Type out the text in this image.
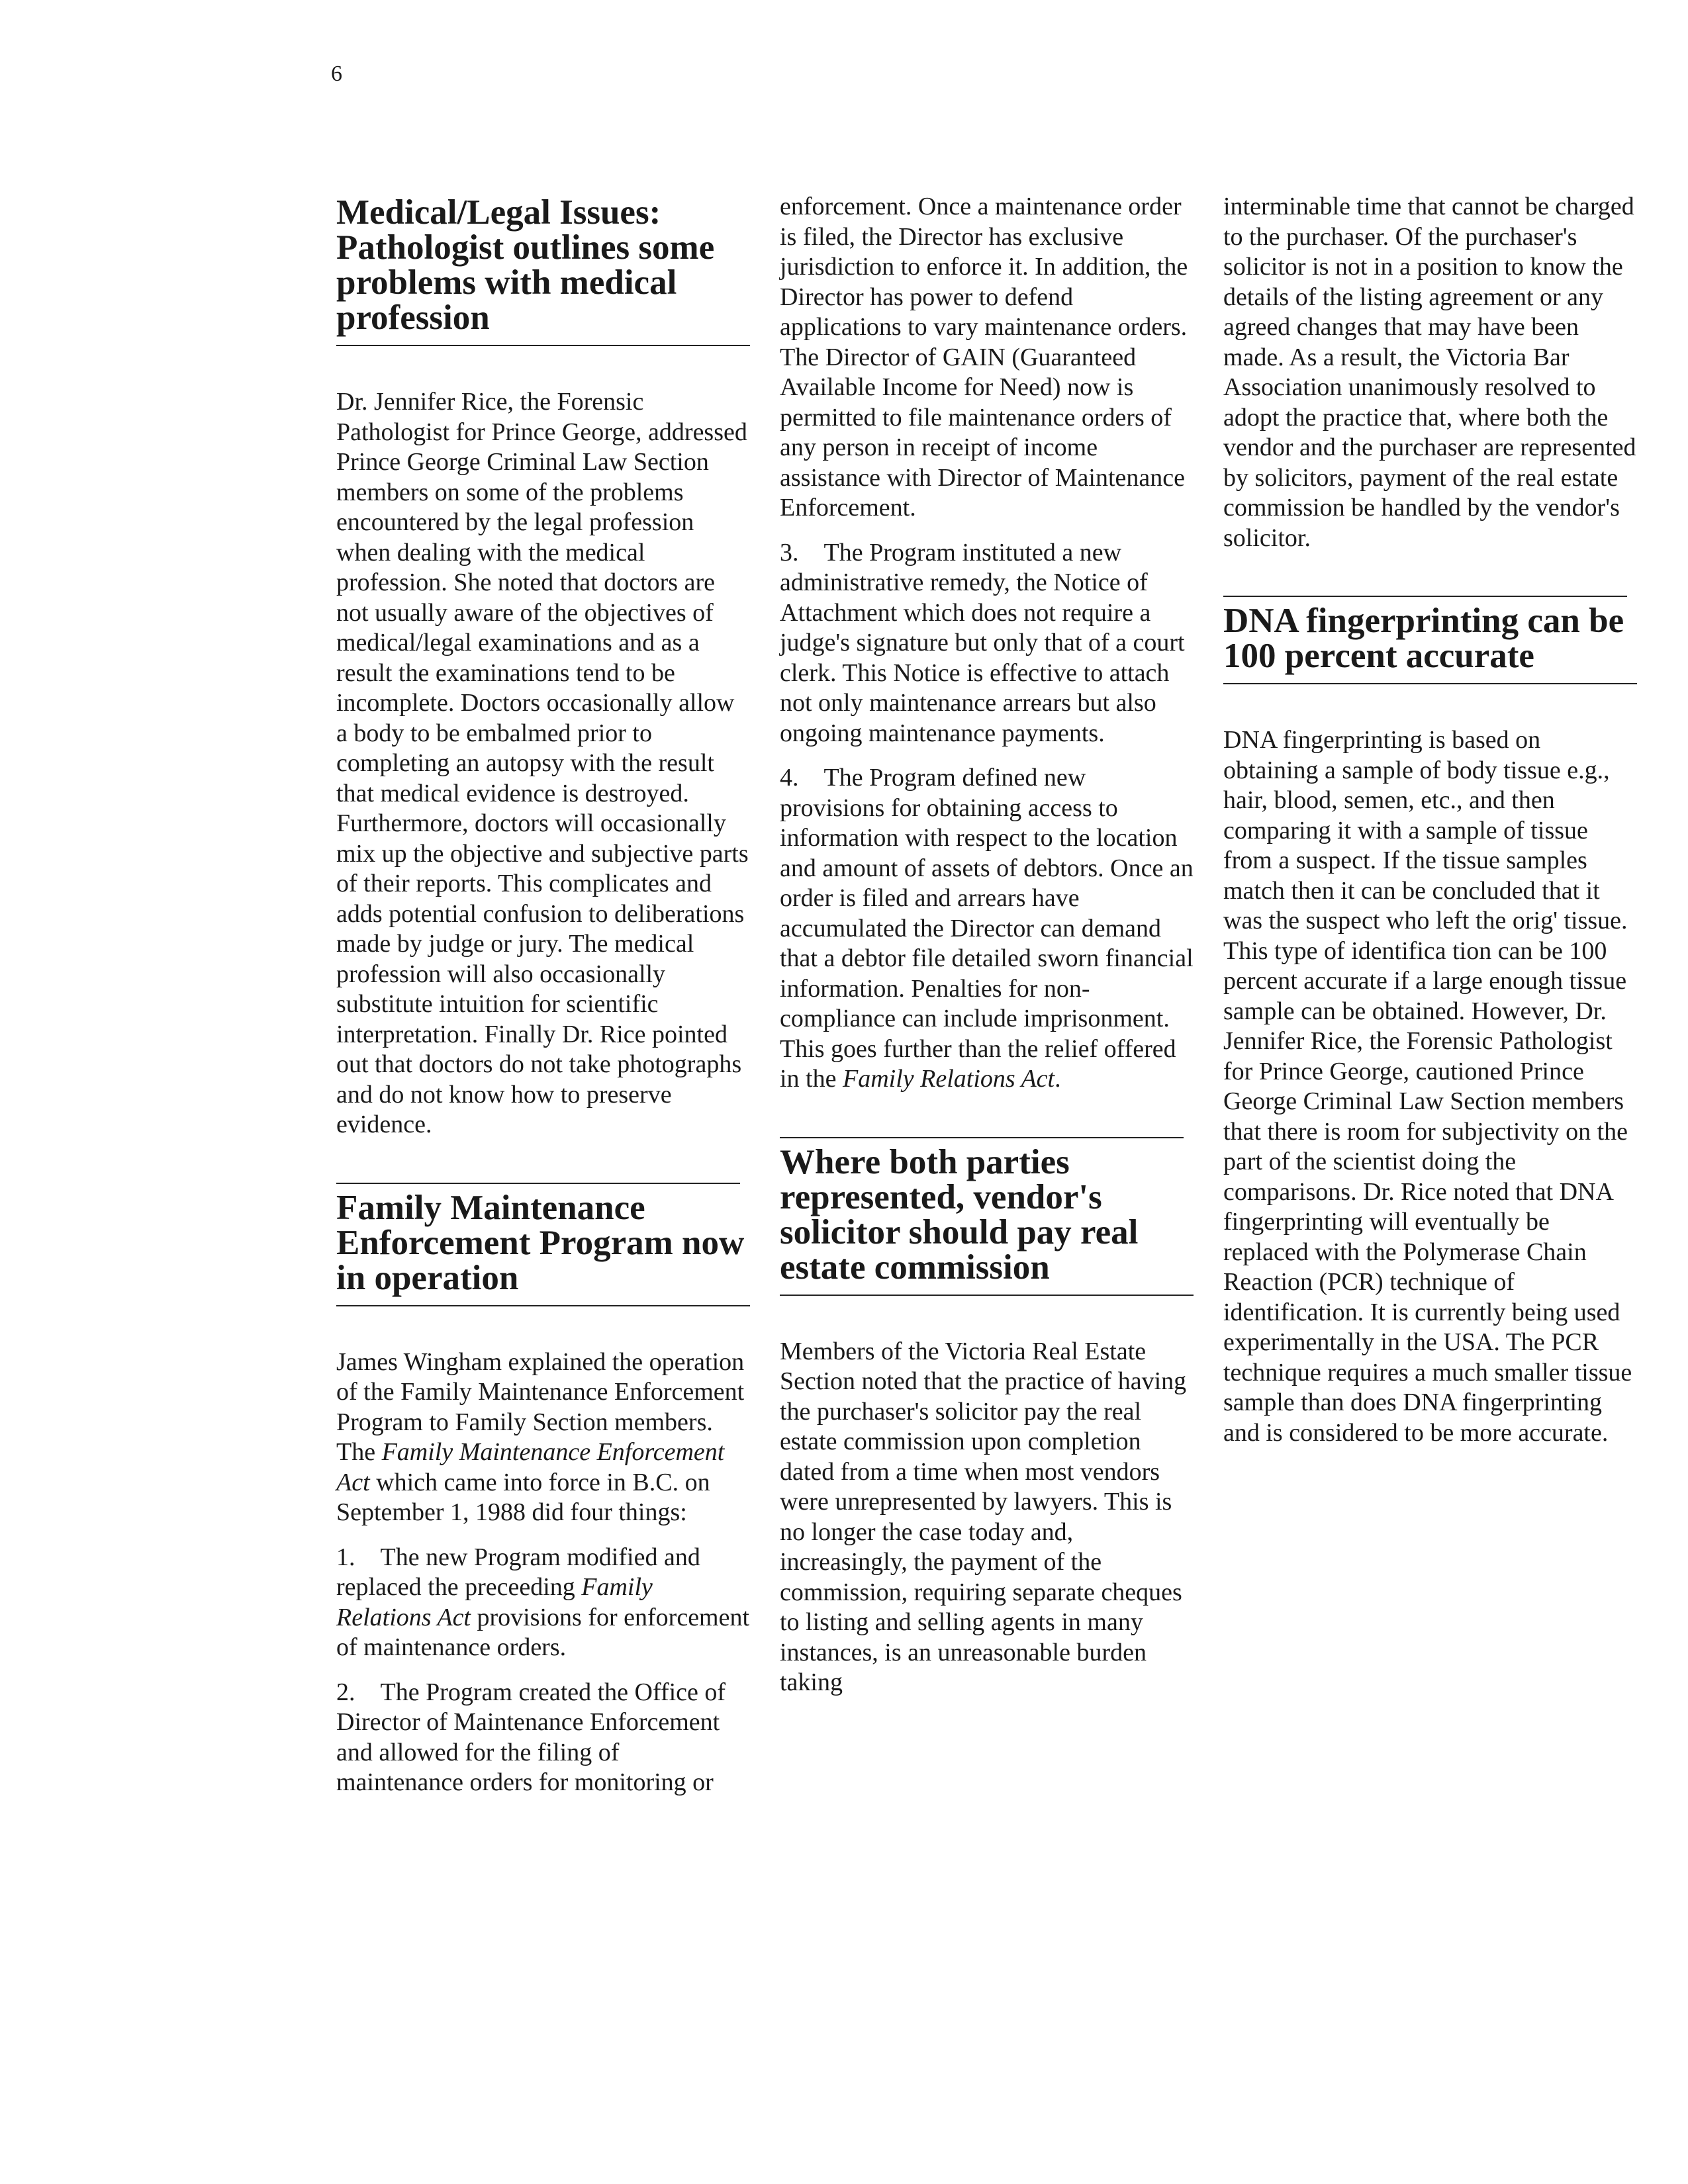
6
Medical/Legal Issues: Pathologist outlines some problems with medical profession

Dr. Jennifer Rice, the Forensic Pathologist for Prince George, addressed Prince George Criminal Law Section members on some of the problems encountered by the legal profession when dealing with the medical profession. She noted that doctors are not usually aware of the objectives of medical/legal examinations and as a result the examinations tend to be incomplete. Doctors occasionally allow a body to be embalmed prior to completing an autopsy with the result that medical evidence is destroyed. Furthermore, doctors will occasionally mix up the objective and subjective parts of their reports. This complicates and adds potential confusion to deliberations made by judge or jury. The medical profession will also occasionally substitute intuition for scientific interpretation. Finally Dr. Rice pointed out that doctors do not take photographs and do not know how to preserve evidence.

Family Maintenance Enforcement Program now in operation

James Wingham explained the operation of the Family Maintenance Enforcement Program to Family Section members. The Family Maintenance Enforcement Act which came into force in B.C. on September 1, 1988 did four things:

1. The new Program modified and replaced the preceeding Family Relations Act provisions for enforcement of maintenance orders.

2. The Program created the Office of Director of Maintenance Enforcement and allowed for the filing of maintenance orders for monitoring or

enforcement. Once a maintenance order is filed, the Director has exclusive jurisdiction to enforce it. In addition, the Director has power to defend applications to vary maintenance orders. The Director of GAIN (Guaranteed Available Income for Need) now is permitted to file maintenance orders of any person in receipt of income assistance with Director of Maintenance Enforcement.

3. The Program instituted a new administrative remedy, the Notice of Attachment which does not require a judge's signature but only that of a court clerk. This Notice is effective to attach not only maintenance arrears but also ongoing maintenance payments.

4. The Program defined new provisions for obtaining access to information with respect to the location and amount of assets of debtors. Once an order is filed and arrears have accumulated the Director can demand that a debtor file detailed sworn financial information. Penalties for non-compliance can include imprisonment. This goes further than the relief offered in the Family Relations Act.

Where both parties represented, vendor's solicitor should pay real estate commission

Members of the Victoria Real Estate Section noted that the practice of having the purchaser's solicitor pay the real estate commission upon completion dated from a time when most vendors were unrepresented by lawyers. This is no longer the case today and, increasingly, the payment of the commission, requiring separate cheques to listing and selling agents in many instances, is an unreasonable burden taking

interminable time that cannot be charged to the purchaser. Of the purchaser's solicitor is not in a position to know the details of the listing agreement or any agreed changes that may have been made. As a result, the Victoria Bar Association unanimously resolved to adopt the practice that, where both the vendor and the purchaser are represented by solicitors, payment of the real estate commission be handled by the vendor's solicitor.

DNA fingerprinting can be 100 percent accurate

DNA fingerprinting is based on obtaining a sample of body tissue e.g., hair, blood, semen, etc., and then comparing it with a sample of tissue from a suspect. If the tissue samples match then it can be concluded that it was the suspect who left the orig' tissue. This type of identifica tion can be 100 percent accurate if a large enough tissue sample can be obtained. However, Dr. Jennifer Rice, the Forensic Pathologist for Prince George, cautioned Prince George Criminal Law Section members that there is room for subjectivity on the part of the scientist doing the comparisons. Dr. Rice noted that DNA fingerprinting will eventually be replaced with the Polymerase Chain Reaction (PCR) technique of identification. It is currently being used experimentally in the USA. The PCR technique requires a much smaller tissue sample than does DNA fingerprinting and is considered to be more accurate.
